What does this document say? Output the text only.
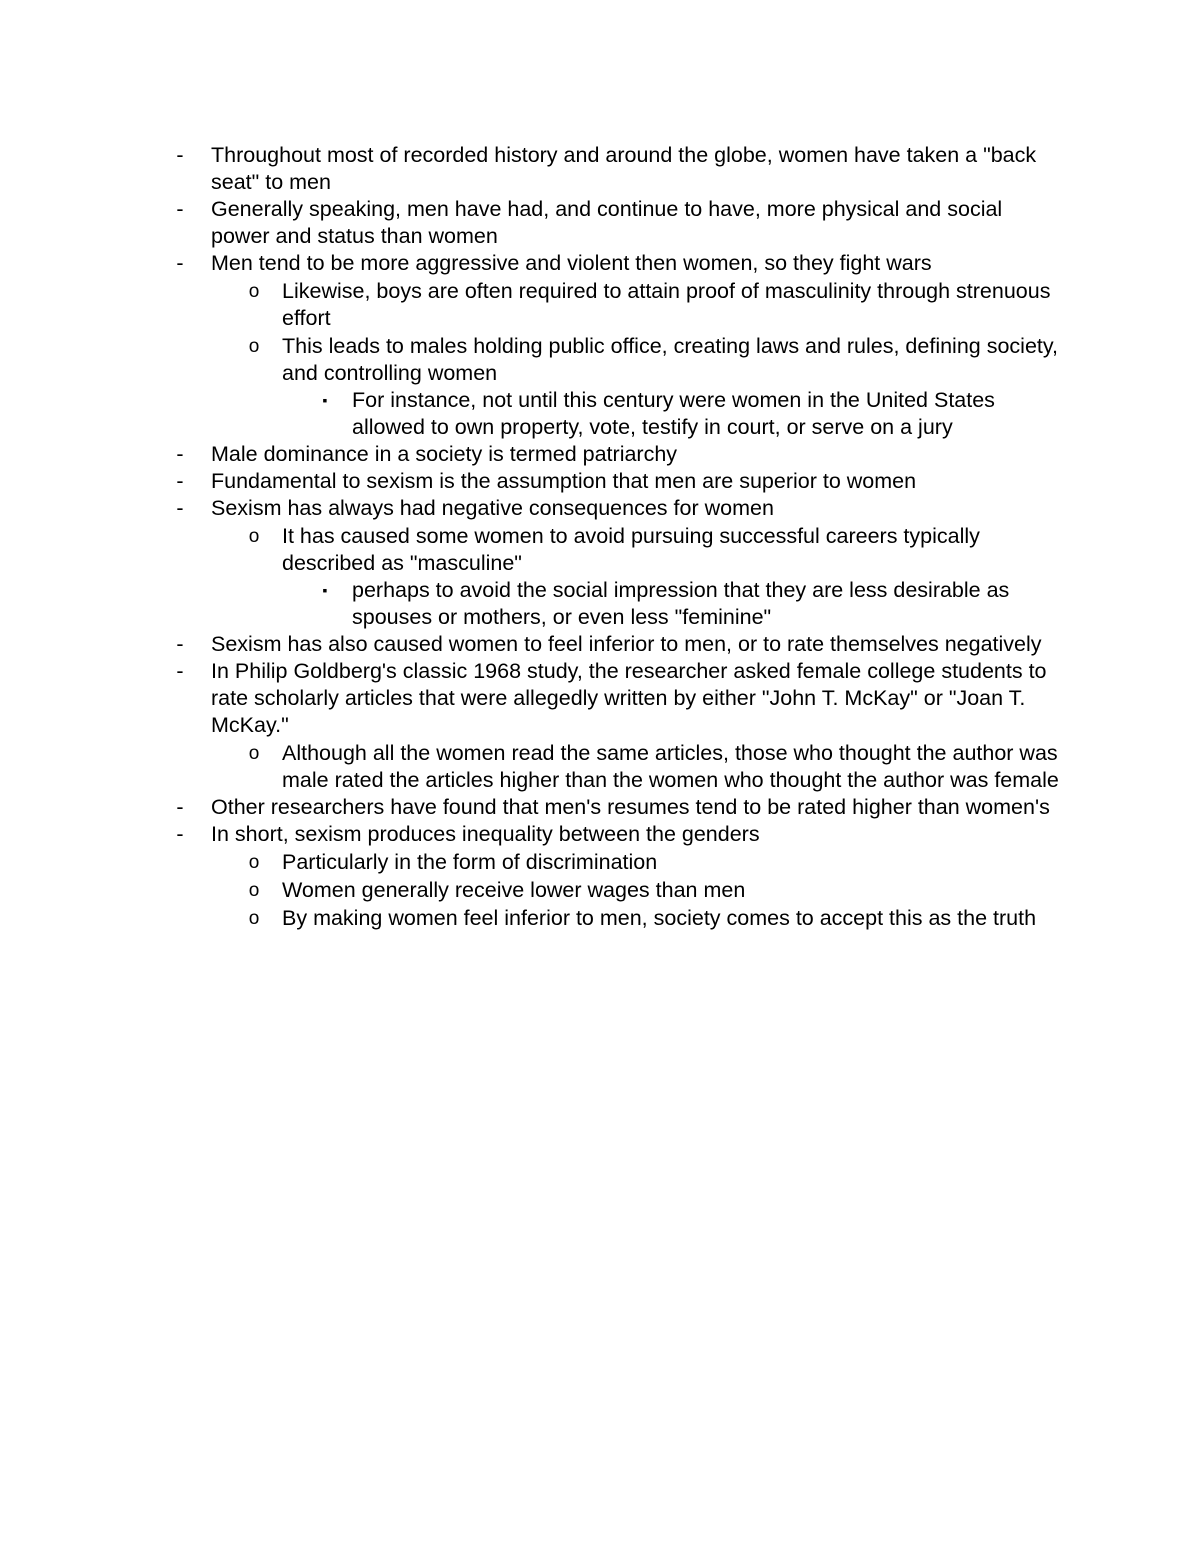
- Throughout most of recorded history and around the globe, women have taken a "back seat" to men
- Generally speaking, men have had, and continue to have, more physical and social power and status than women
- Men tend to be more aggressive and violent then women, so they fight wars
o Likewise, boys are often required to attain proof of masculinity through strenuous effort
o This leads to males holding public office, creating laws and rules, defining society, and controlling women
▪	For instance, not until this century were women in the United States allowed to own property, vote, testify in court, or serve on a jury
- Male dominance in a society is termed patriarchy
- Fundamental to sexism is the assumption that men are superior to women
- Sexism has always had negative consequences for women
o It has caused some women to avoid pursuing successful careers typically described as "masculine"
▪	perhaps to avoid the social impression that they are less desirable as spouses or mothers, or even less "feminine"
- Sexism has also caused women to feel inferior to men, or to rate themselves negatively
- In Philip Goldberg's classic 1968 study, the researcher asked female college students to rate scholarly articles that were allegedly written by either "John T. McKay" or "Joan T. McKay."
o Although all the women read the same articles, those who thought the author was male rated the articles higher than the women who thought the author was female
- Other researchers have found that men's resumes tend to be rated higher than women's
- In short, sexism produces inequality between the genders
o Particularly in the form of discrimination
o Women generally receive lower wages than men
o By making women feel inferior to men, society comes to accept this as the truth
